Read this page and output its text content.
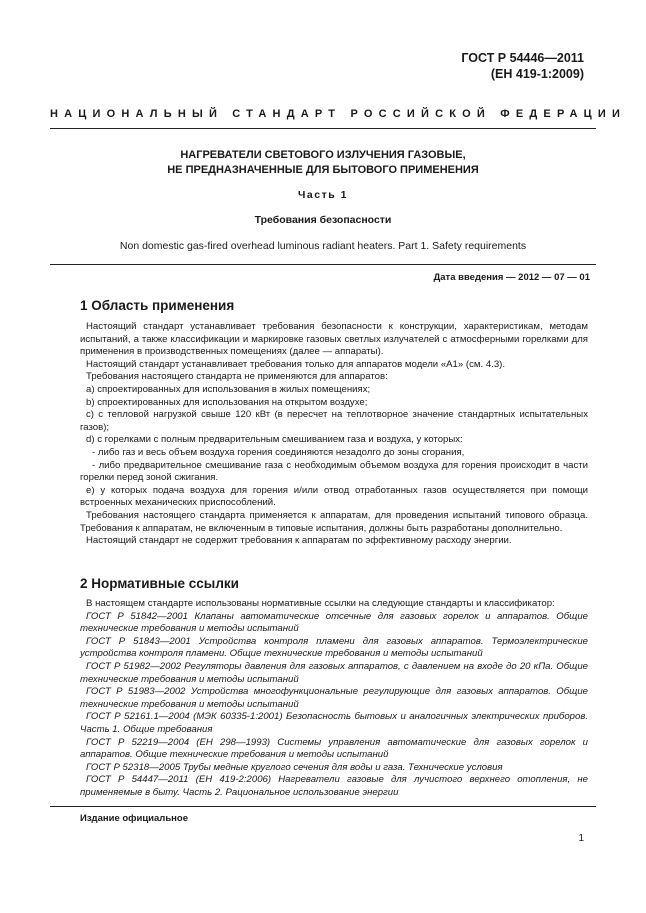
ГОСТ Р 54446—2011
(ЕН 419-1:2009)
НАЦИОНАЛЬНЫЙ СТАНДАРТ РОССИЙСКОЙ ФЕДЕРАЦИИ
НАГРЕВАТЕЛИ СВЕТОВОГО ИЗЛУЧЕНИЯ ГАЗОВЫЕ,
НЕ ПРЕДНАЗНАЧЕННЫЕ ДЛЯ БЫТОВОГО ПРИМЕНЕНИЯ
Часть 1
Требования безопасности
Non domestic gas-fired overhead luminous radiant heaters. Part 1. Safety requirements
Дата введения — 2012 — 07 — 01
1 Область применения

Настоящий стандарт устанавливает требования безопасности к конструкции, характеристикам, методам испытаний, а также классификации и маркировке газовых светлых излучателей с атмосферными горелками для применения в производственных помещениях (далее — аппараты).

Настоящий стандарт устанавливает требования только для аппаратов модели «А1» (см. 4.3).

Требования настоящего стандарта не применяются для аппаратов:

a) спроектированных для использования в жилых помещениях;

b) спроектированных для использования на открытом воздухе;

c) с тепловой нагрузкой свыше 120 кВт (в пересчет на теплотворное значение стандартных испытательных газов);

d) с горелками с полным предварительным смешиванием газа и воздуха, у которых:

- либо газ и весь объем воздуха горения соединяются незадолго до зоны сгорания,

- либо предварительное смешивание газа с необходимым объемом воздуха для горения происходит в части горелки перед зоной сжигания.

e) у которых подача воздуха для горения и/или отвод отработанных газов осуществляется при помощи встроенных механических приспособлений.

Требования настоящего стандарта применяется к аппаратам, для проведения испытаний типового образца. Требования к аппаратам, не включенным в типовые испытания, должны быть разработаны дополнительно.

Настоящий стандарт не содержит требования к аппаратам по эффективному расходу энергии.

2 Нормативные ссылки

В настоящем стандарте использованы нормативные ссылки на следующие стандарты и классификатор:

ГОСТ Р 51842—2001 Клапаны автоматические отсечные для газовых горелок и аппаратов. Общие технические требования и методы испытаний

ГОСТ Р 51843—2001 Устройства контроля пламени для газовых аппаратов. Термоэлектрические устройства контроля пламени. Общие технические требования и методы испытаний

ГОСТ Р 51982—2002 Регуляторы давления для газовых аппаратов, с давлением на входе до 20 кПа. Общие технические требования и методы испытаний

ГОСТ Р 51983—2002 Устройства многофункциональные регулирующие для газовых аппаратов. Общие технические требования и методы испытаний

ГОСТ Р 52161.1—2004 (МЭК 60335-1:2001) Безопасность бытовых и аналогичных электрических приборов. Часть 1. Общие требования

ГОСТ Р 52219—2004 (ЕН 298—1993) Системы управления автоматические для газовых горелок и аппаратов. Общие технические требования и методы испытаний

ГОСТ Р 52318—2005 Трубы медные круглого сечения для воды и газа. Технические условия

ГОСТ Р 54447—2011 (ЕН 419-2:2006) Нагреватели газовые для лучистого верхнего отопления, не применяемые в быту. Часть 2. Рациональное использование энергии

Издание официальное
1
